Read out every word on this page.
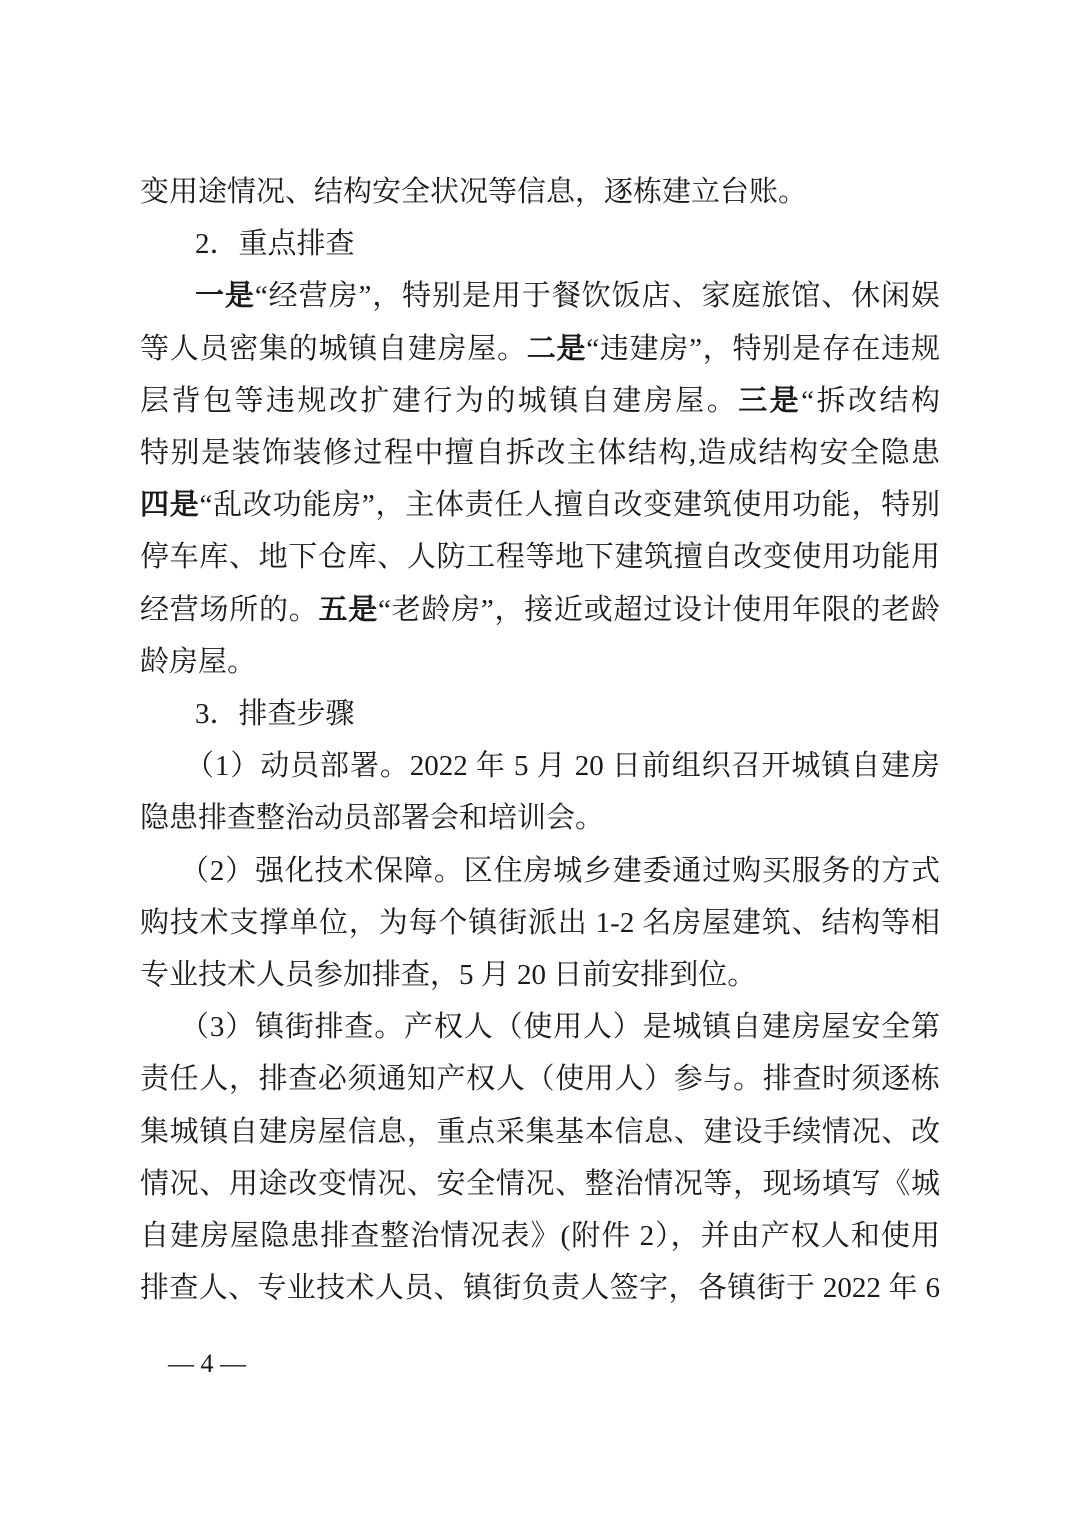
变用途情况、结构安全状况等信息，逐栋建立台账。
2．重点排查
一是“经营房”，特别是用于餐饮饭店、家庭旅馆、休闲娱
等人员密集的城镇自建房屋。二是“违建房”，特别是存在违规
层背包等违规改扩建行为的城镇自建房屋。三是“拆改结构
特别是装饰装修过程中擅自拆改主体结构,造成结构安全隐患
四是“乱改功能房”，主体责任人擅自改变建筑使用功能，特别
停车库、地下仓库、人防工程等地下建筑擅自改变使用功能用
经营场所的。五是“老龄房”，接近或超过设计使用年限的老龄
龄房屋。
3．排查步骤
（1）动员部署。2022 年 5 月 20 日前组织召开城镇自建房
隐患排查整治动员部署会和培训会。
（2）强化技术保障。区住房城乡建委通过购买服务的方式
购技术支撑单位，为每个镇街派出 1-2 名房屋建筑、结构等相
专业技术人员参加排查，5 月 20 日前安排到位。
（3）镇街排查。产权人（使用人）是城镇自建房屋安全第
责任人，排查必须通知产权人（使用人）参与。排查时须逐栋
集城镇自建房屋信息，重点采集基本信息、建设手续情况、改
情况、用途改变情况、安全情况、整治情况等，现场填写《城
自建房屋隐患排查整治情况表》(附件 2），并由产权人和使用
排查人、专业技术人员、镇街负责人签字，各镇街于 2022 年 6
— 4 —
